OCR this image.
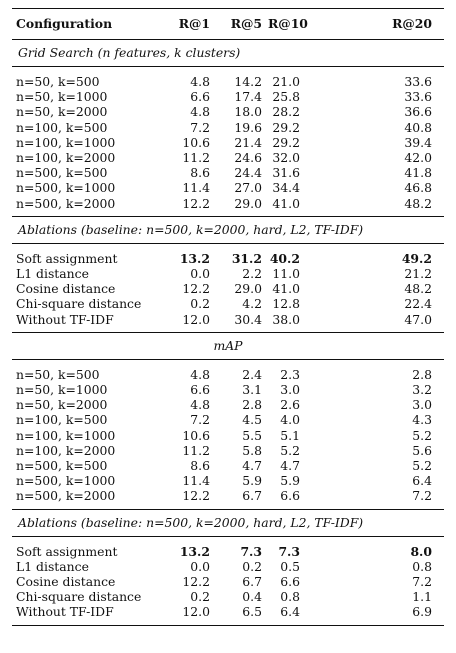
Configuration	R@1	R@5	R@10	R@20
Grid Search (n features, k clusters)				
n=50, k=500	4.8	14.2	21.0	33.6
n=50, k=1000	6.6	17.4	25.8	33.6
n=50, k=2000	4.8	18.0	28.2	36.6
n=100, k=500	7.2	19.6	29.2	40.8
n=100, k=1000	10.6	21.4	29.2	39.4
n=100, k=2000	11.2	24.6	32.0	42.0
n=500, k=500	8.6	24.4	31.6	41.8
n=500, k=1000	11.4	27.0	34.4	46.8
n=500, k=2000	12.2	29.0	41.0	48.2
Ablations (baseline: n=500, k=2000, hard, L2, TF-IDF)				
Soft assignment	13.2	31.2	40.2	49.2
L1 distance	0.0	2.2	11.0	21.2
Cosine distance	12.2	29.0	41.0	48.2
Chi-square distance	0.2	4.2	12.8	22.4
Without TF-IDF	12.0	30.4	38.0	47.0
mAP				
n=50, k=500	4.8	2.4	2.3	2.8
n=50, k=1000	6.6	3.1	3.0	3.2
n=50, k=2000	4.8	2.8	2.6	3.0
n=100, k=500	7.2	4.5	4.0	4.3
n=100, k=1000	10.6	5.5	5.1	5.2
n=100, k=2000	11.2	5.8	5.2	5.6
n=500, k=500	8.6	4.7	4.7	5.2
n=500, k=1000	11.4	5.9	5.9	6.4
n=500, k=2000	12.2	6.7	6.6	7.2
Ablations (baseline: n=500, k=2000, hard, L2, TF-IDF)				
Soft assignment	13.2	7.3	7.3	8.0
L1 distance	0.0	0.2	0.5	0.8
Cosine distance	12.2	6.7	6.6	7.2
Chi-square distance	0.2	0.4	0.8	1.1
Without TF-IDF	12.0	6.5	6.4	6.9
